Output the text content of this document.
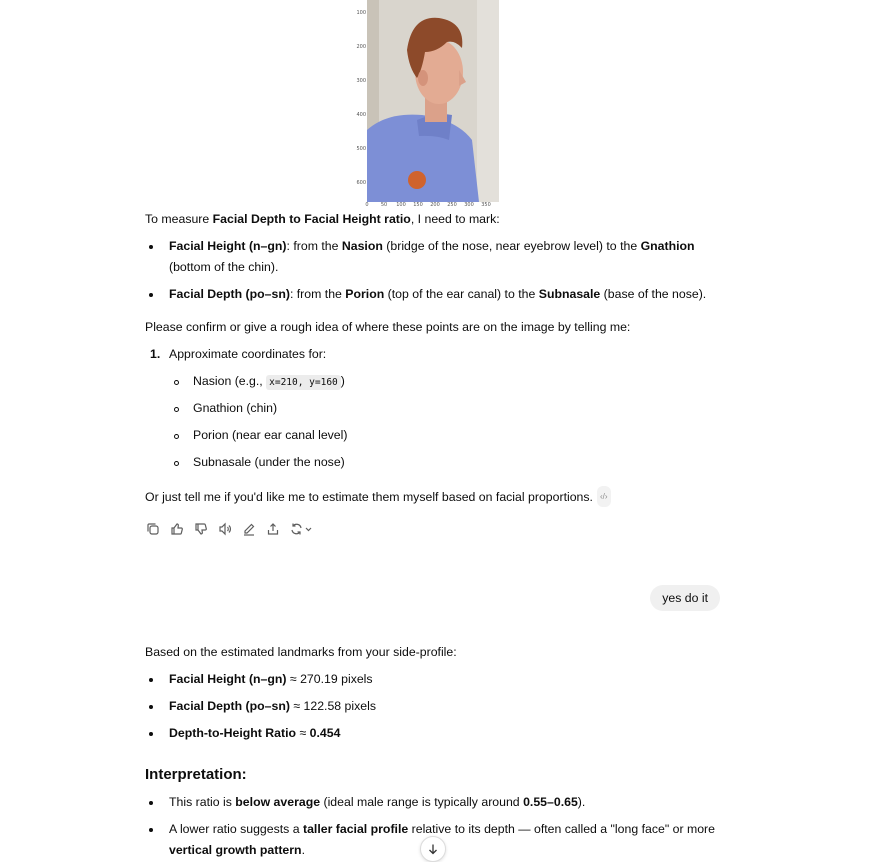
100
200
300
400
500
600
0 50 100 150 200 250 300 350
To measure Facial Depth to Facial Height ratio, I need to mark:
Facial Height (n–gn): from the Nasion (bridge of the nose, near eyebrow level) to the Gnathion (bottom of the chin).
Facial Depth (po–sn): from the Porion (top of the ear canal) to the Subnasale (base of the nose).
Please confirm or give a rough idea of where these points are on the image by telling me:
1. Approximate coordinates for:
Nasion (e.g., x=210, y=160 )
Gnathion (chin)
Porion (near ear canal level)
Subnasale (under the nose)
Or just tell me if you'd like me to estimate them myself based on facial proportions. ‹/›
yes do it
Based on the estimated landmarks from your side-profile:
Facial Height (n–gn) ≈ 270.19 pixels
Facial Depth (po–sn) ≈ 122.58 pixels
Depth-to-Height Ratio ≈ 0.454
Interpretation:
This ratio is below average (ideal male range is typically around 0.55–0.65).
A lower ratio suggests a taller facial profile relative to its depth — often called a "long face" or more vertical growth pattern.
